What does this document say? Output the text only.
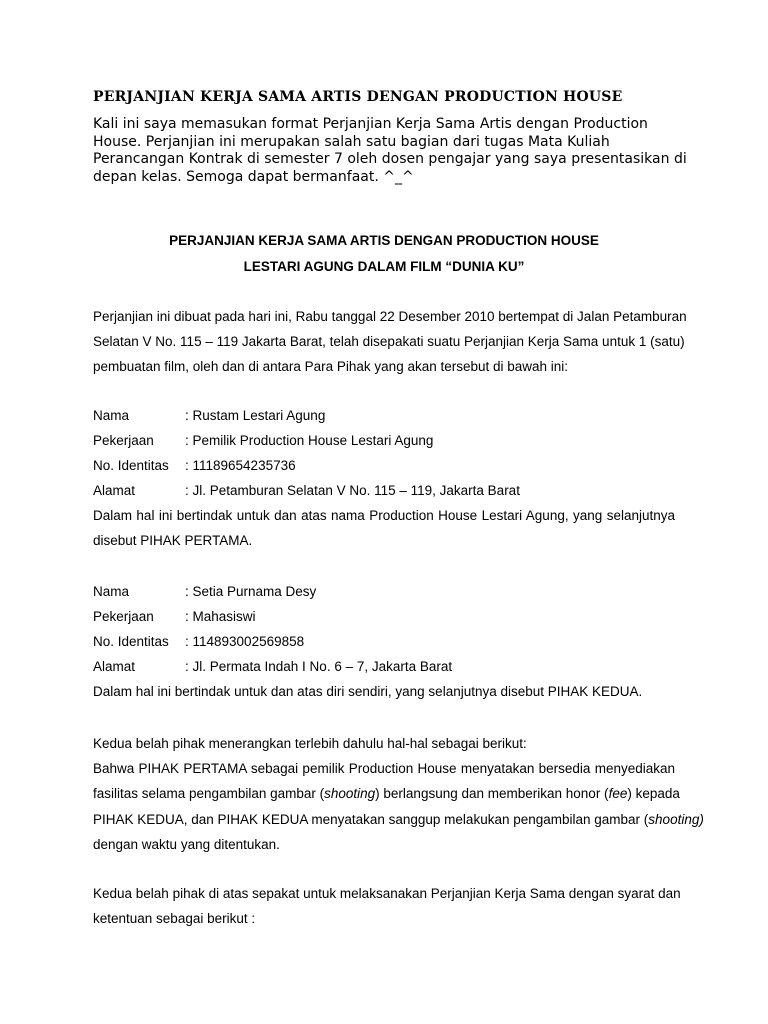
PERJANJIAN KERJA SAMA ARTIS DENGAN PRODUCTION HOUSE

Kali ini saya memasukan format Perjanjian Kerja Sama Artis dengan Production

House. Perjanjian ini merupakan salah satu bagian dari tugas Mata Kuliah

Perancangan Kontrak di semester 7 oleh dosen pengajar yang saya presentasikan di

depan kelas. Semoga dapat bermanfaat. ^_^

PERJANJIAN KERJA SAMA ARTIS DENGAN PRODUCTION HOUSE
LESTARI AGUNG DALAM FILM “DUNIA KU”
Perjanjian ini dibuat pada hari ini, Rabu tanggal 22 Desember 2010 bertempat di Jalan Petamburan
Selatan V No. 115 – 119 Jakarta Barat, telah disepakati suatu Perjanjian Kerja Sama untuk 1 (satu)
pembuatan film, oleh dan di antara Para Pihak yang akan tersebut di bawah ini:
Nama	: Rustam Lestari Agung
Pekerjaan	: Pemilik Production House Lestari Agung
No. Identitas	: 11189654235736
Alamat	: Jl. Petamburan Selatan V No. 115 – 119, Jakarta Barat
Dalam hal ini bertindak untuk dan atas nama Production House Lestari Agung, yang selanjutnya
disebut PIHAK PERTAMA.
Nama	: Setia Purnama Desy
Pekerjaan	: Mahasiswi
No. Identitas	: 114893002569858
Alamat	: Jl. Permata Indah I No. 6 – 7, Jakarta Barat
Dalam hal ini bertindak untuk dan atas diri sendiri, yang selanjutnya disebut PIHAK KEDUA.
Kedua belah pihak menerangkan terlebih dahulu hal-hal sebagai berikut:
Bahwa PIHAK PERTAMA sebagai pemilik Production House menyatakan bersedia menyediakan
fasilitas selama pengambilan gambar (shooting) berlangsung dan memberikan honor (fee) kepada
PIHAK KEDUA, dan PIHAK KEDUA menyatakan sanggup melakukan pengambilan gambar (shooting)
dengan waktu yang ditentukan.
Kedua belah pihak di atas sepakat untuk melaksanakan Perjanjian Kerja Sama dengan syarat dan
ketentuan sebagai berikut :
